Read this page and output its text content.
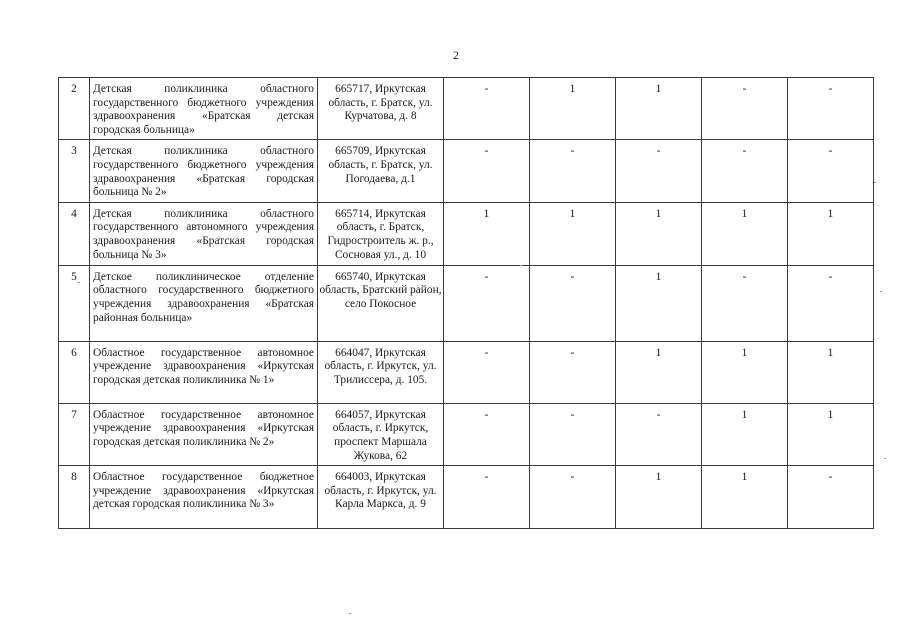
2
2	Детская поликлиника областного государственного бюджетного учреждения здравоохранения «Братская детская городская больница»	665717, Иркутская область, г. Братск, ул. Курчатова, д. 8	-	1	1	-	-
3	Детская поликлиника областного государственного бюджетного учреждения здравоохранения «Братская городская больница № 2»	665709, Иркутская область, г. Братск, ул. Погодаева, д.1	-	-	-	-	-
4	Детская поликлиника областного государственного автономного учреждения здравоохранения «Братская городская больница № 3»	665714, Иркутская область, г. Братск, Гидростроитель ж. р., Сосновая ул., д. 10	1	1	1	1	1
5	Детское поликлиническое отделение областного государственного бюджетного учреждения здравоохранения «Братская районная больница»	665740, Иркутская область, Братский район, село Покосное	-	-	1	-	-
6	Областное государственное автономное учреждение здравоохранения «Иркутская городская детская поликлиника № 1»	664047, Иркутская область, г. Иркутск, ул. Трилиссера, д. 105.	-	-	1	1	1
7	Областное государственное автономное учреждение здравоохранения «Иркутская городская детская поликлиника № 2»	664057, Иркутская область, г. Иркутск, проспект Маршала Жукова, 62	-	-	-	1	1
8	Областное государственное бюджетное учреждение здравоохранения «Иркутская детская городская поликлиника № 3»	664003, Иркутская область, г. Иркутск, ул. Карла Маркса, д. 9	-	-	1	1	-
